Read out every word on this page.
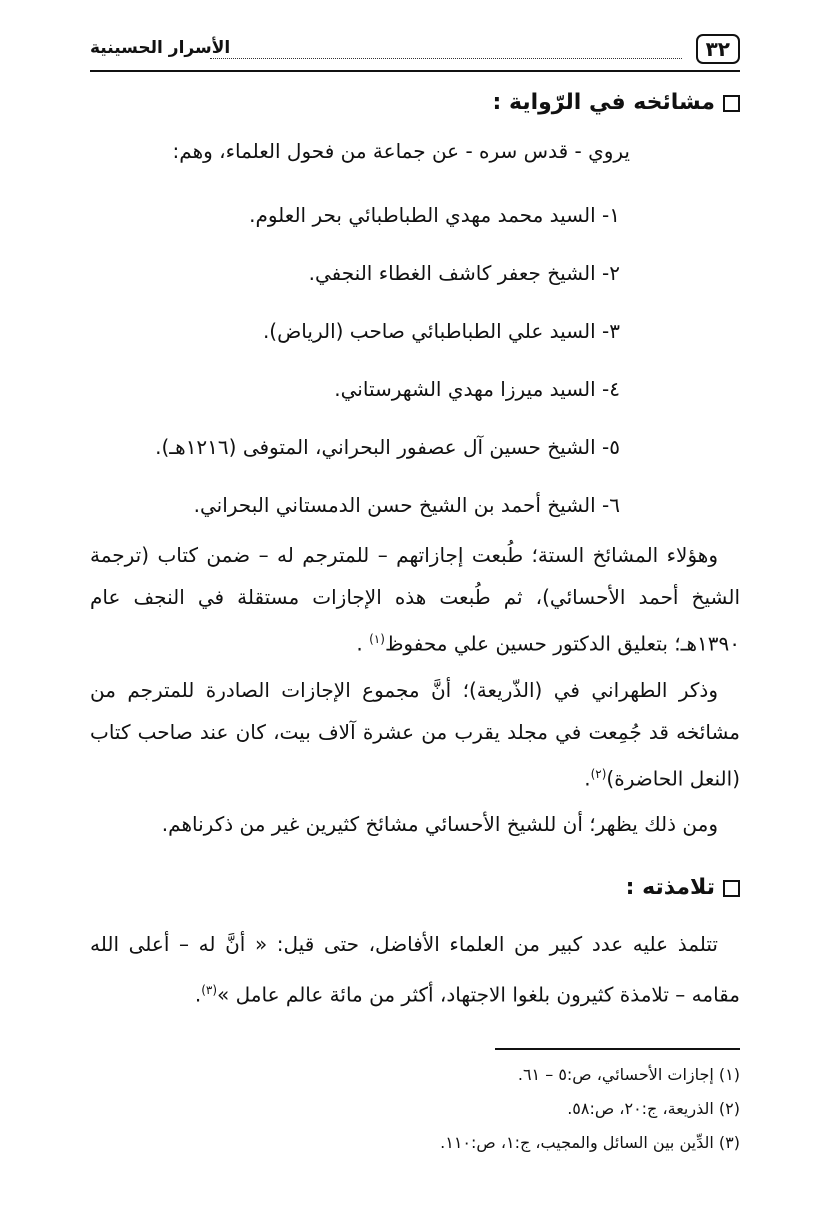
٣٢
الأسرار الحسينية
مشائخه في الرّواية :

يروي - قدس سره - عن جماعة من فحول العلماء، وهم:

١- السيد محمد مهدي الطباطبائي بحر العلوم.
٢- الشيخ جعفر كاشف الغطاء النجفي.
٣- السيد علي الطباطبائي صاحب (الرياض).
٤- السيد ميرزا مهدي الشهرستاني.
٥- الشيخ حسين آل عصفور البحراني، المتوفى (١٢١٦هـ).
٦- الشيخ أحمد بن الشيخ حسن الدمستاني البحراني.

وهؤلاء المشائخ الستة؛ طُبعت إجازاتهم – للمترجم له – ضمن كتاب (ترجمة الشيخ أحمد الأحسائي)، ثم طُبعت هذه الإجازات مستقلة في النجف عام ١٣٩٠هـ؛ بتعليق الدكتور حسين علي محفوظ$^{(١)}$ .

وذكر الطهراني في (الذّريعة)؛ أنَّ مجموع الإجازات الصادرة للمترجم من مشائخه قد جُمِعت في مجلد يقرب من عشرة آلاف بيت، كان عند صاحب كتاب (النعل الحاضرة)$^{(٢)}$.

ومن ذلك يظهر؛ أن للشيخ الأحسائي مشائخ كثيرين غير من ذكرناهم.

تلامذته :

تتلمذ عليه عدد كبير من العلماء الأفاضل، حتى قيل: « أنَّ له – أعلى الله مقامه – تلامذة كثيرون بلغوا الاجتهاد، أكثر من مائة عالم عامل »$^{(٣)}$.

(١) إجازات الأحسائي، ص:٥ – ٦١.
(٢) الذريعة، ج:٢٠، ص:٥٨.
(٣) الدِّين بين السائل والمجيب، ج:١، ص:١١٠.
